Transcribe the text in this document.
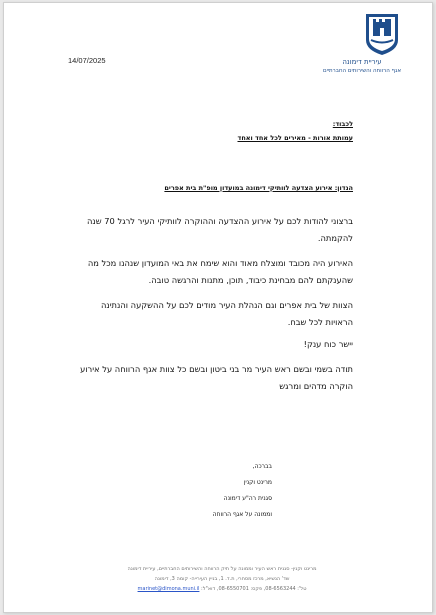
עיריית דימונה
אגף הרווחה והשירותים החברתיים
14/07/2025
לכבוד:
עמותת אורות - מאירים לכל אחד ואחד
הנדון: אירוע הצדעה לוותיקי דימונה במועדון מופ"ת בית אפרים
ברצוני להודות לכם על אירוע ההצדעה וההוקרה לוותיקי העיר לרגל 70 שנה להקמתה.
האירוע היה מכובד ומוצלח מאוד והוא שימח את באי המועדון שנהנו מכל מה שהענקתם להם מבחינת כיבוד, תוכן, מתנות והרגשה טובה.
הצוות של בית אפרים וגם הנהלת העיר מודים לכם על ההשקעה והנתינה הראויות לכל שבח.
יישר כוח ענק!
תודה בשמי ובשם ראש העיר מר בני ביטון ובשם כל צוות אגף הרווחה על אירוע הוקרה מדהים ומרגש
בברכה,
מרינט וקנין
סגנית רה"ע דימונה
וממונה על אגף הרווחה
מרינט וקנין- סגנית ראש העיר וממונה על תיק הרווחה והשירותים החברתיים, עיריית דימונה
שד' הנשיא, מרכז מסחרי, ת.ד. 1, בניין העירייה- קומה 3, דימונה
טל': 08-6563244, פקס: 08-6550701, דוא"ל: marinet@dimona.muni.il
